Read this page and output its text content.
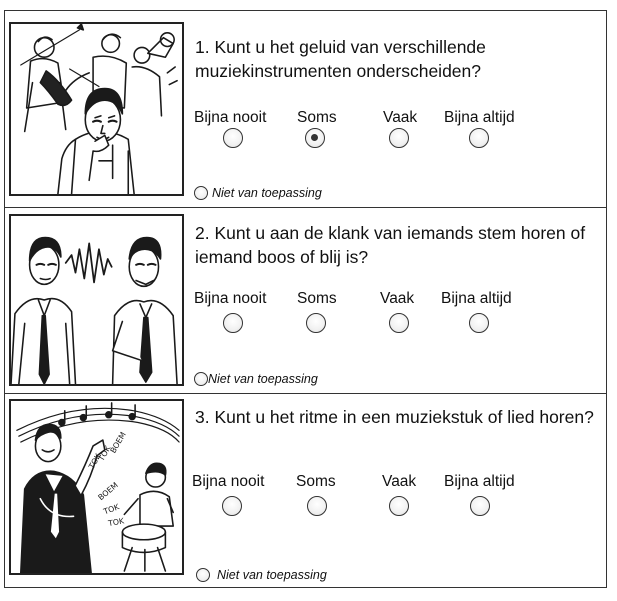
1. Kunt u het geluid van verschillende muziekinstrumenten onderscheiden?
Bijna nooit Soms	Vaak Bijna altijd
Niet van toepassing
2. Kunt u aan de klank van iemands stem horen of iemand boos of blij is?
Bijna nooit Soms	Vaak Bijna altijd
Niet van toepassing
TOK
TOK
BOEM
BOEM
TOK
TOK
3. Kunt u het ritme in een muziekstuk of lied horen?
Bijna nooit Soms	Vaak Bijna altijd
Niet van toepassing
